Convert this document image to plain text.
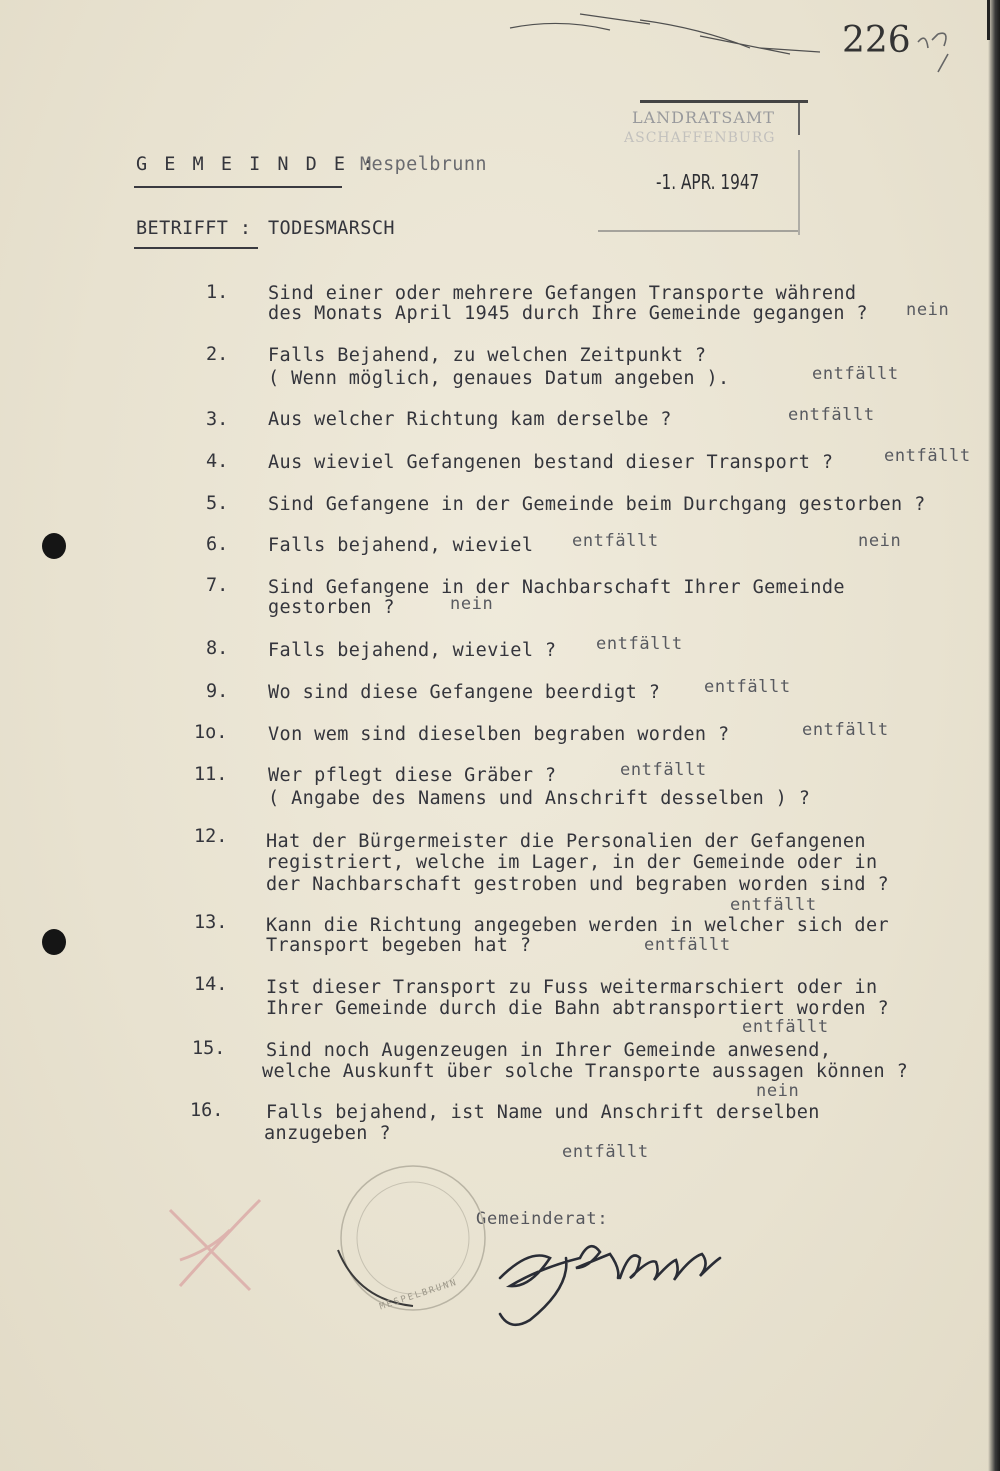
226
LANDRATSAMT
ASCHAFFENBURG
-1. APR. 1947
G E M E I N D E :
Mespelbrunn
BETRIFFT : TODESMARSCH
1. Sind einer oder mehrere Gefangen Transporte während
des Monats April 1945 durch Ihre Gemeinde gegangen ? nein
2. Falls Bejahend, zu welchen Zeitpunkt ?
( Wenn möglich, genaues Datum angeben ).	entfällt
3. Aus welcher Richtung kam derselbe ?	entfällt
4. Aus wieviel Gefangenen bestand dieser Transport ?	entfällt
5. Sind Gefangene in der Gemeinde beim Durchgang gestorben ?
6. Falls bejahend, wieviel entfällt	nein
7. Sind Gefangene in der Nachbarschaft Ihrer Gemeinde
gestorben ?	nein
8. Falls bejahend, wieviel ? entfällt
9. Wo sind diese Gefangene beerdigt ?	entfällt
1o. Von wem sind dieselben begraben worden ?	entfällt
11. Wer pflegt diese Gräber ?
( Angabe des Namens und Anschrift desselben ) ?
entfällt
12. Hat der Bürgermeister die Personalien der Gefangenen
registriert, welche im Lager, in der Gemeinde oder in
der Nachbarschaft gestroben und begraben worden sind ?
entfällt
13. Kann die Richtung angegeben werden in welcher sich der
Transport begeben hat ?	entfällt
14. Ist dieser Transport zu Fuss weitermarschiert oder in
Ihrer Gemeinde durch die Bahn abtransportiert worden ?
entfällt
15. Sind noch Augenzeugen in Ihrer Gemeinde anwesend,
welche Auskunft über solche Transporte aussagen können ?
nein
16. Falls bejahend, ist Name und Anschrift derselben
anzugeben ?
entfällt
Gemeinderat:
MESPELBRUNN
